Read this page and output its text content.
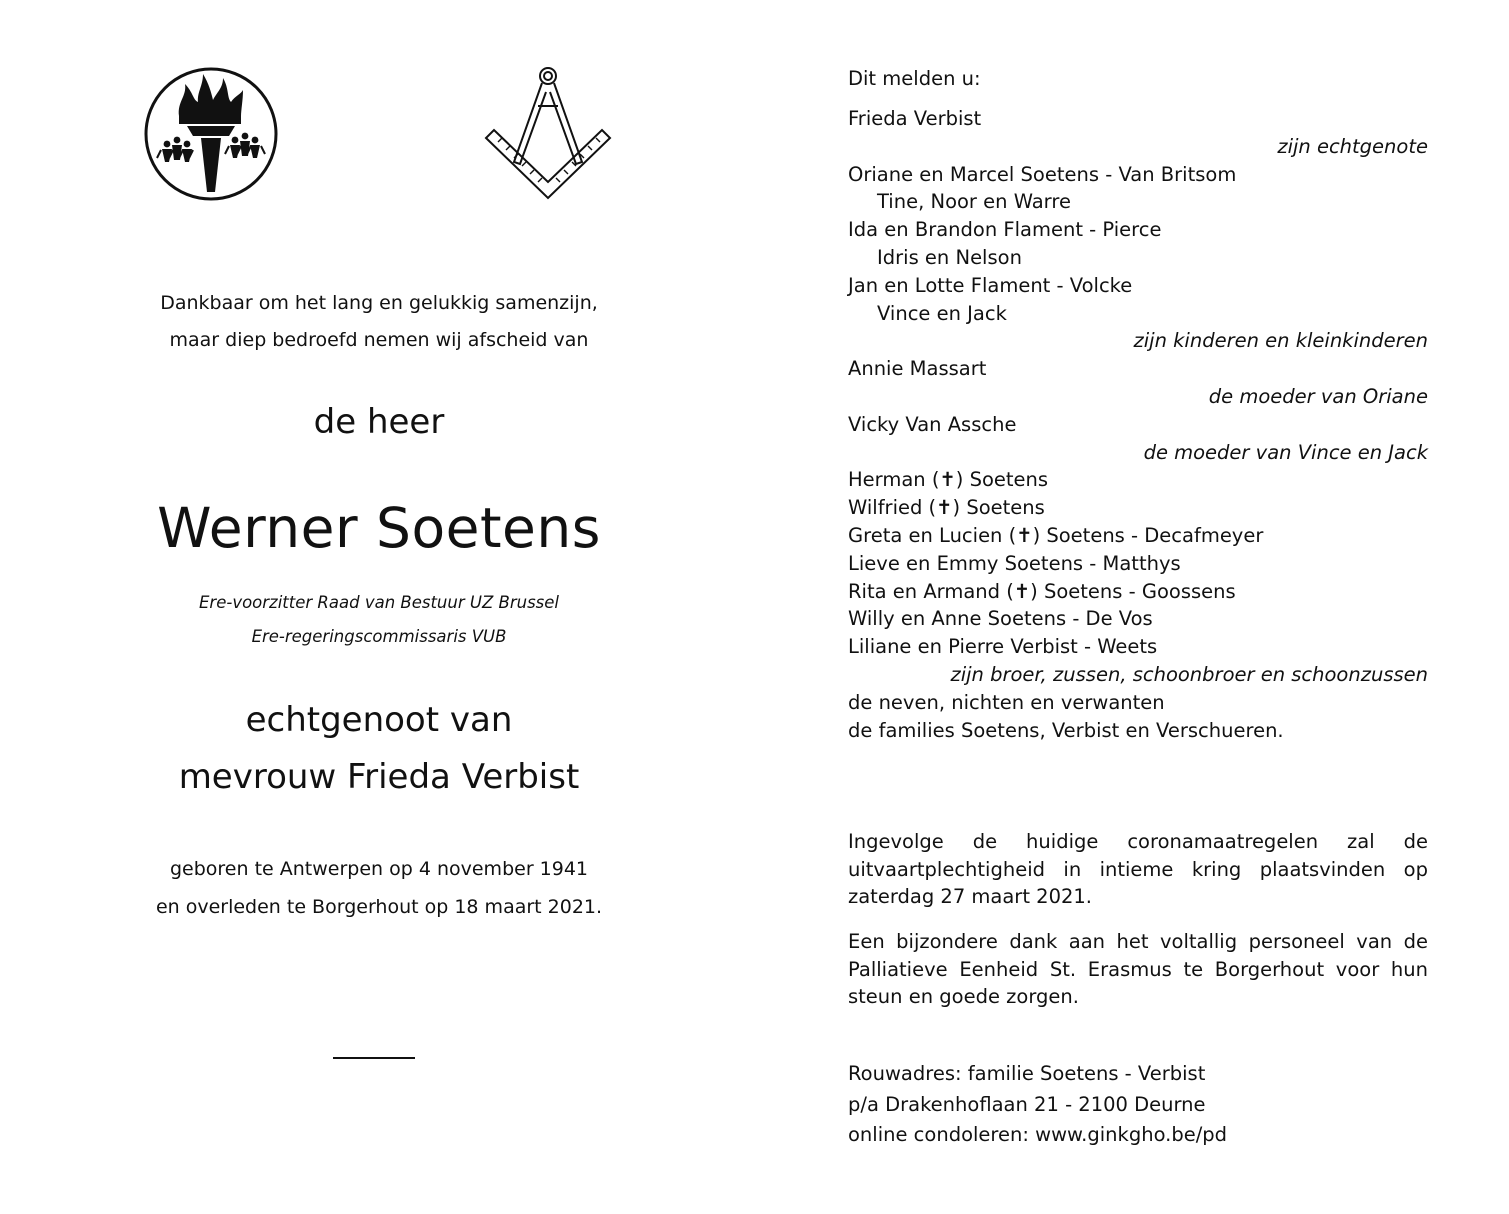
Dankbaar om het lang en gelukkig samenzijn,
maar diep bedroefd nemen wij afscheid van
de heer
Werner Soetens
Ere-voorzitter Raad van Bestuur UZ Brussel
Ere-regeringscommissaris VUB
echtgenoot van
mevrouw Frieda Verbist
geboren te Antwerpen op 4 november 1941
en overleden te Borgerhout op 18 maart 2021.
Dit melden u:
Frieda Verbist
zijn echtgenote
Oriane en Marcel Soetens - Van Britsom
Tine, Noor en Warre
Ida en Brandon Flament - Pierce
Idris en Nelson
Jan en Lotte Flament - Volcke
Vince en Jack
zijn kinderen en kleinkinderen
Annie Massart
de moeder van Oriane
Vicky Van Assche
de moeder van Vince en Jack
Herman (✝) Soetens
Wilfried (✝) Soetens
Greta en Lucien (✝) Soetens - Decafmeyer
Lieve en Emmy Soetens - Matthys
Rita en Armand (✝) Soetens - Goossens
Willy en Anne Soetens - De Vos
Liliane en Pierre Verbist - Weets
zijn broer, zussen, schoonbroer en schoonzussen
de neven, nichten en verwanten
de families Soetens, Verbist en Verschueren.
Ingevolge de huidige coronamaatregelen zal de uitvaartplechtigheid in intieme kring plaatsvinden op zaterdag 27 maart 2021.
Een bijzondere dank aan het voltallig personeel van de Palliatieve Eenheid St. Erasmus te Borgerhout voor hun steun en goede zorgen.
Rouwadres: familie Soetens - Verbist
p/a Drakenhoflaan 21 - 2100 Deurne
online condoleren: www.ginkgho.be/pd
